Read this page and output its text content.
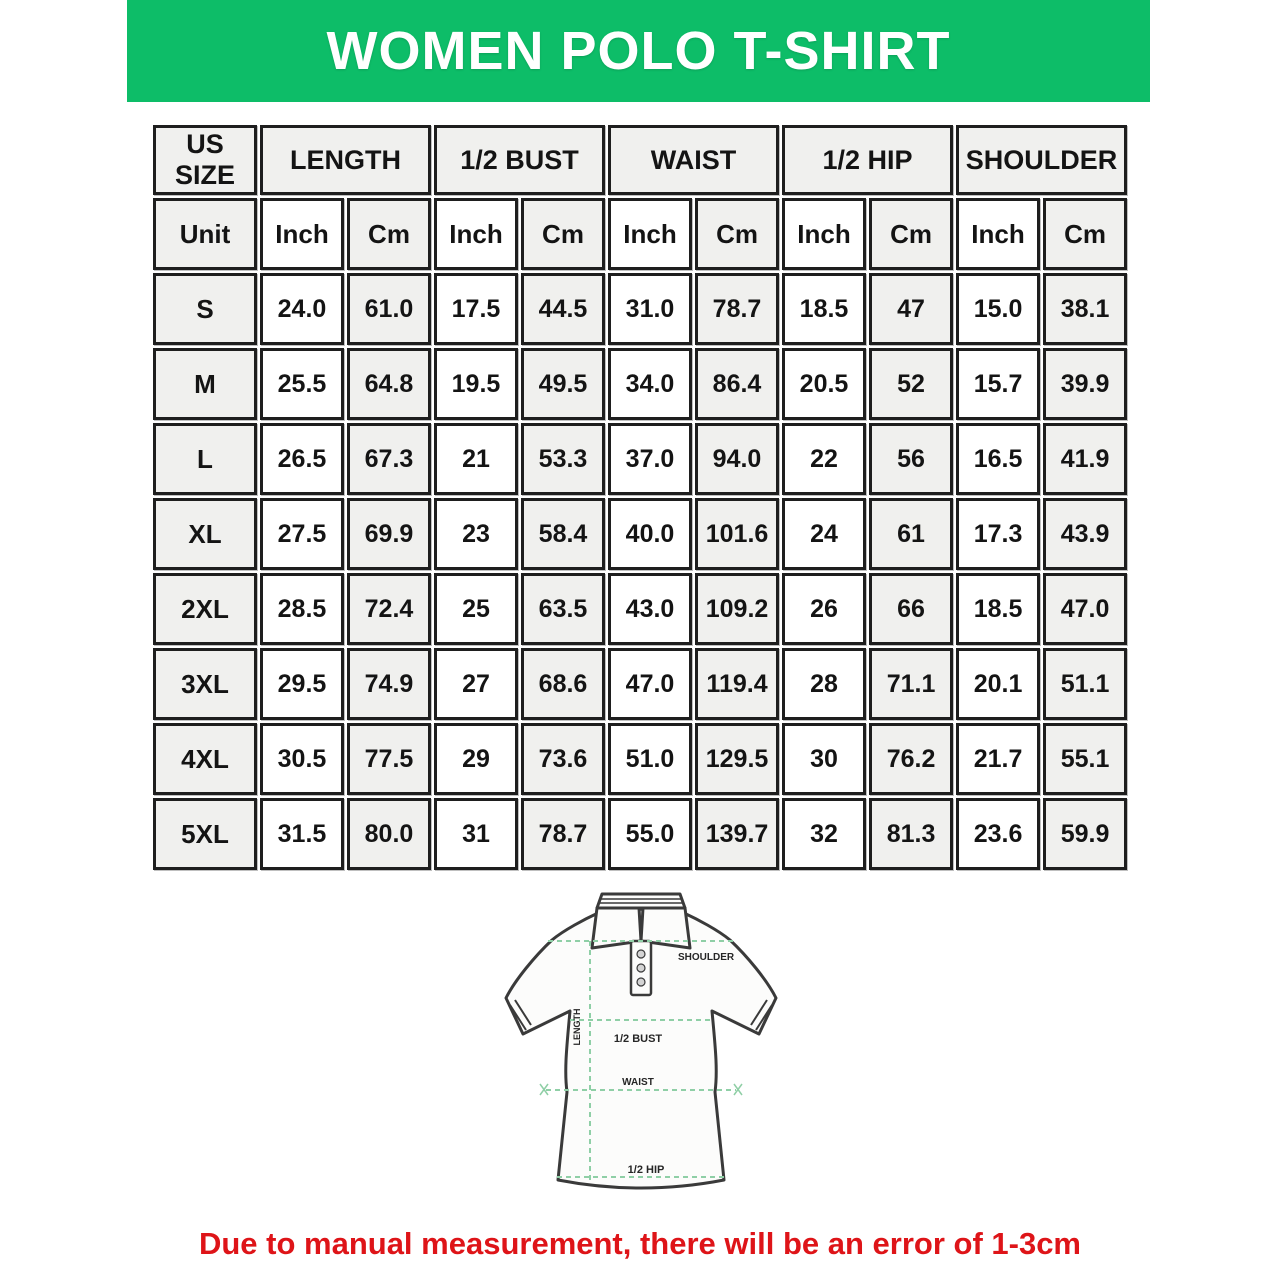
WOMEN POLO T-SHIRT
US SIZE	LENGTH		1/2 BUST		WAIST		1/2 HIP		SHOULDER	
Unit	Inch	Cm	Inch	Cm	Inch	Cm	Inch	Cm	Inch	Cm
S	24.0	61.0	17.5	44.5	31.0	78.7	18.5	47	15.0	38.1
M	25.5	64.8	19.5	49.5	34.0	86.4	20.5	52	15.7	39.9
L	26.5	67.3	21	53.3	37.0	94.0	22	56	16.5	41.9
XL	27.5	69.9	23	58.4	40.0	101.6	24	61	17.3	43.9
2XL	28.5	72.4	25	63.5	43.0	109.2	26	66	18.5	47.0
3XL	29.5	74.9	27	68.6	47.0	119.4	28	71.1	20.1	51.1
4XL	30.5	77.5	29	73.6	51.0	129.5	30	76.2	21.7	55.1
5XL	31.5	80.0	31	78.7	55.0	139.7	32	81.3	23.6	59.9
SHOULDER
LENGTH	1/2 BUST
WAIST
1/2 HIP
Due to manual measurement, there will be an error of 1-3cm
